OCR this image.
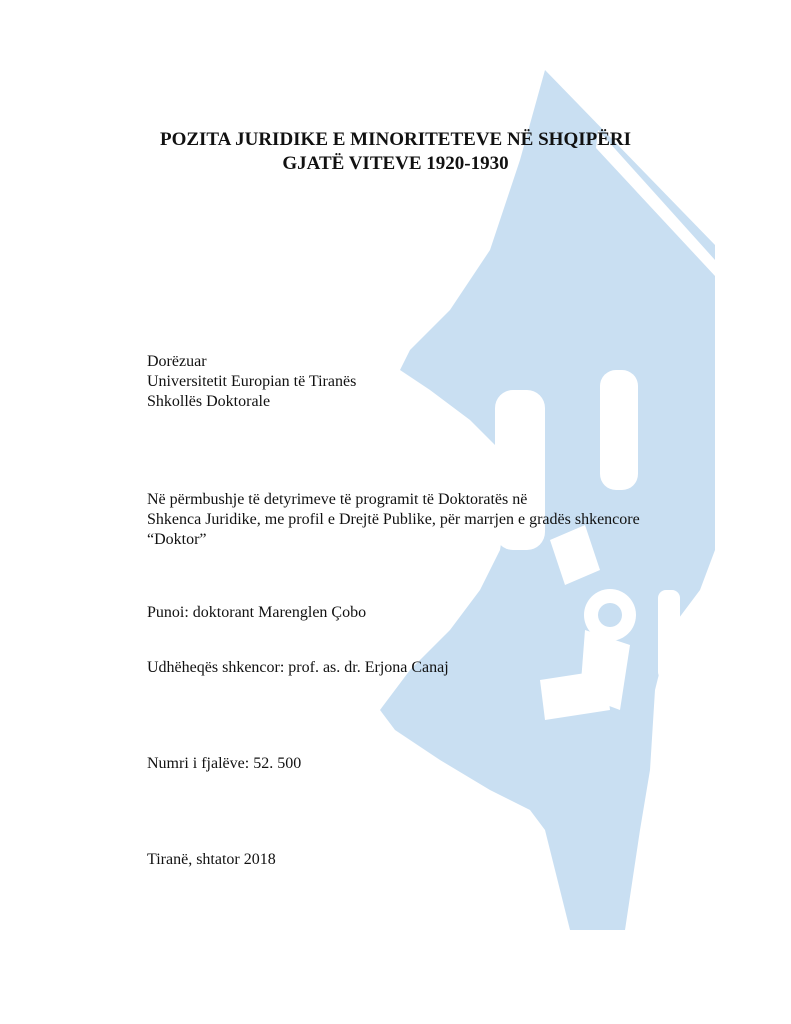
POZITA JURIDIKE E MINORITETEVE NË SHQIPËRI
GJATË VITEVE 1920-1930
Dorëzuar
Universitetit Europian të Tiranës
Shkollës Doktorale
Në përmbushje të detyrimeve të programit të Doktoratës në
Shkenca Juridike, me profil e Drejtë Publike, për marrjen e gradës shkencore
“Doktor”
Punoi: doktorant Marenglen Çobo
Udhëheqës shkencor: prof. as. dr. Erjona Canaj
Numri i fjalëve: 52. 500
Tiranë, shtator 2018
